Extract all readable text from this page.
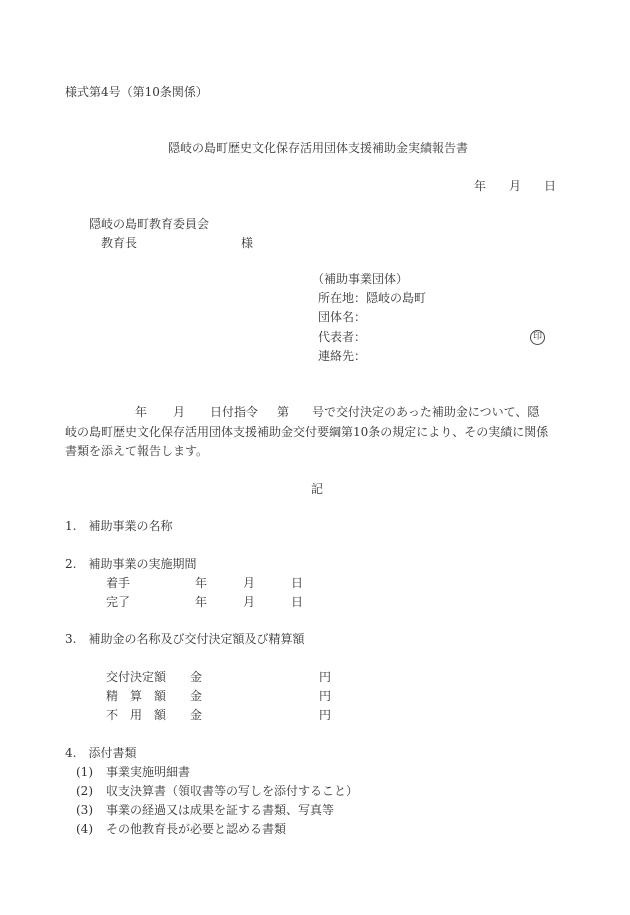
様式第4号（第10条関係）
隠岐の島町歴史文化保存活用団体支援補助金実績報告書
年 月 日
隠岐の島町教育委員会
教育長	様
（補助事業団体）
所在地：隠岐の島町
団体名：
代表者：	印
連絡先：
年 月 日付指令 第 号で交付決定のあった補助金について、隠
岐の島町歴史文化保存活用団体支援補助金交付要綱第10条の規定により、その実績に関係
書類を添えて報告します。
記
1.　補助事業の名称
2.　補助事業の実施期間
着手	年	月	日
完了	年	月	日
3.　補助金の名称及び交付決定額及び精算額
交付決定額 金	円
精　算　額 金	円
不　用　額 金	円
4.　添付書類
(1) 事業実施明細書
(2) 収支決算書（領収書等の写しを添付すること）
(3) 事業の経過又は成果を証する書類、写真等
(4) その他教育長が必要と認める書類
